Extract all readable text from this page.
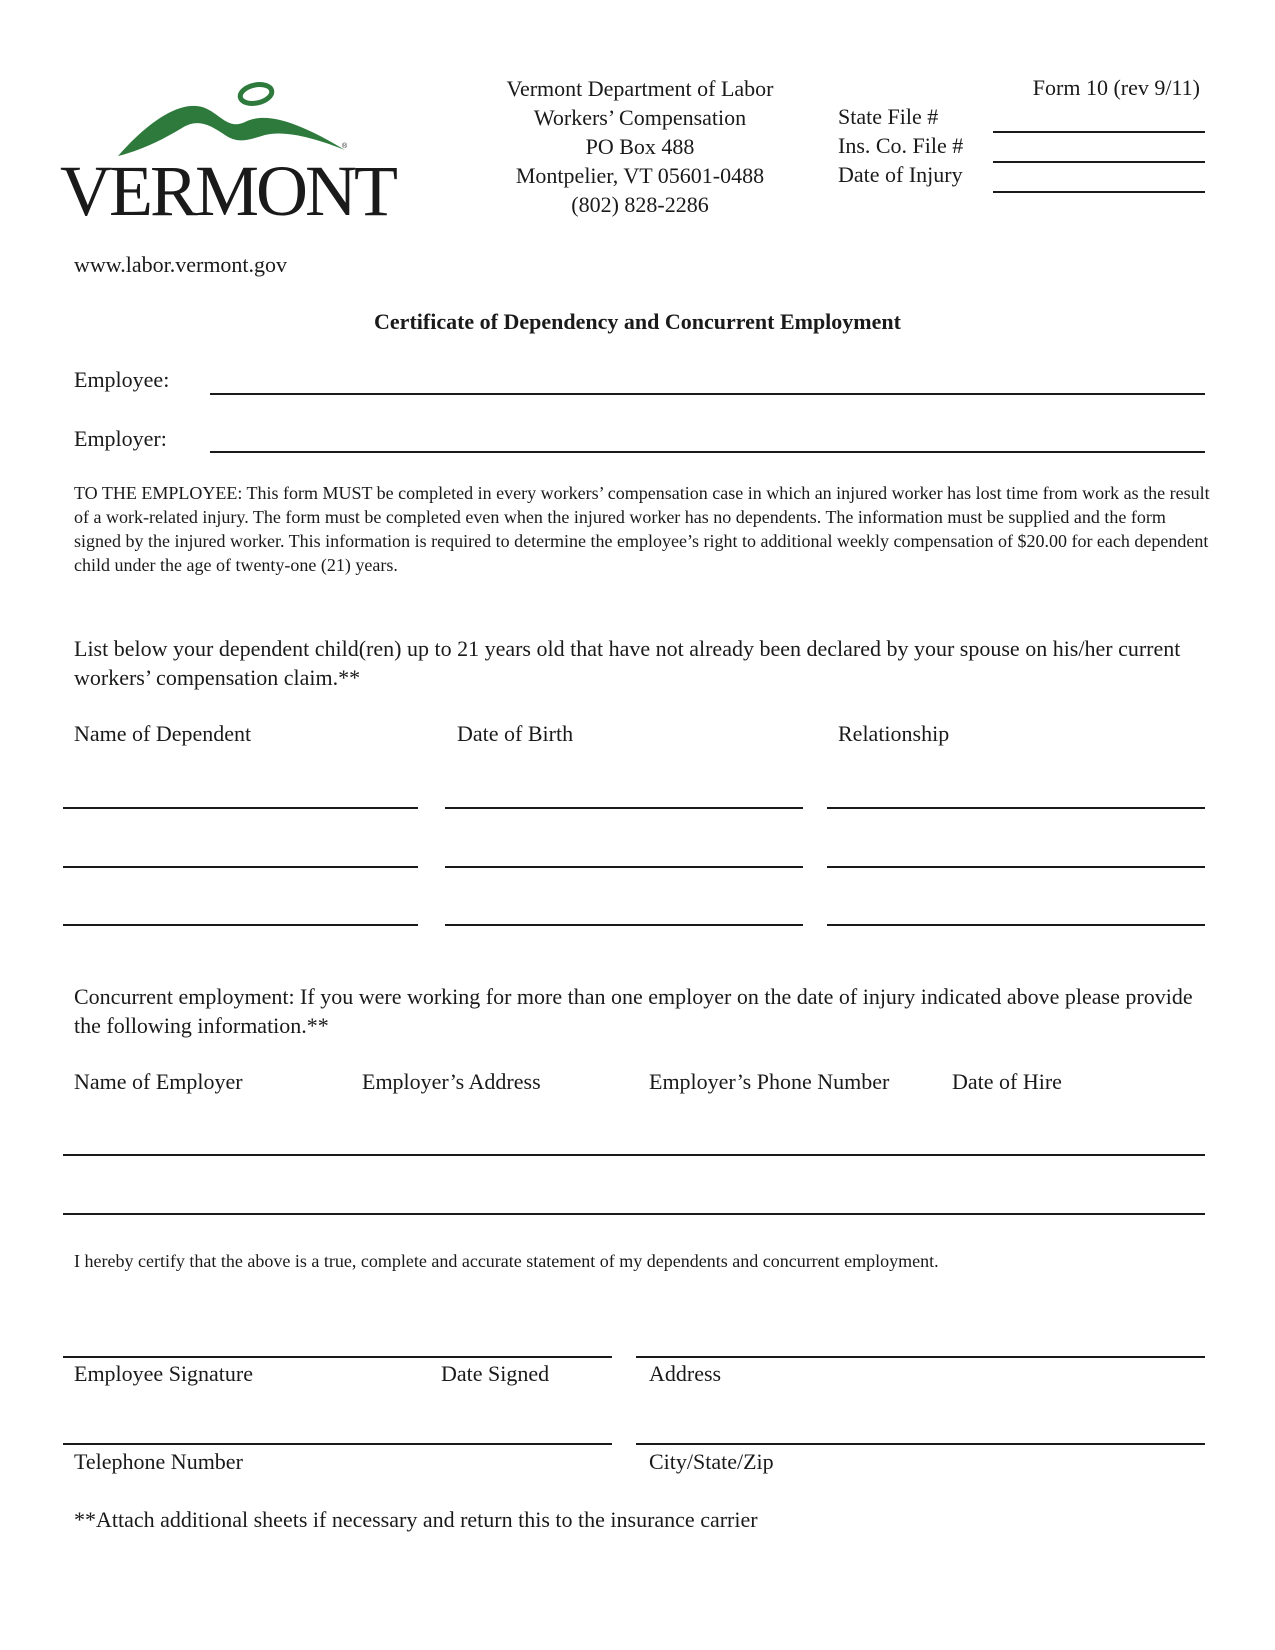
®
VERMONT
Vermont Department of Labor
Workers’ Compensation
PO Box 488
Montpelier, VT 05601-0488
(802) 828-2286
Form 10 (rev 9/11)
State File #
Ins. Co. File #
Date of Injury
www.labor.vermont.gov
Certificate of Dependency and Concurrent Employment
Employee:
Employer:
TO THE EMPLOYEE: This form MUST be completed in every workers’ compensation case in which an injured worker has lost time from work as the result of a work-related injury. The form must be completed even when the injured worker has no dependents. The information must be supplied and the form signed by the injured worker. This information is required to determine the employee’s right to additional weekly compensation of $20.00 for each dependent child under the age of twenty-one (21) years.
List below your dependent child(ren) up to 21 years old that have not already been declared by your spouse on his/her current workers’ compensation claim.**
Name of Dependent	Date of Birth	Relationship
Concurrent employment: If you were working for more than one employer on the date of injury indicated above please provide the following information.**
Name of Employer	Employer’s Address	Employer’s Phone Number	Date of Hire
I hereby certify that the above is a true, complete and accurate statement of my dependents and concurrent employment.
Employee Signature	Date Signed	Address
Telephone Number	City/State/Zip
**Attach additional sheets if necessary and return this to the insurance carrier
